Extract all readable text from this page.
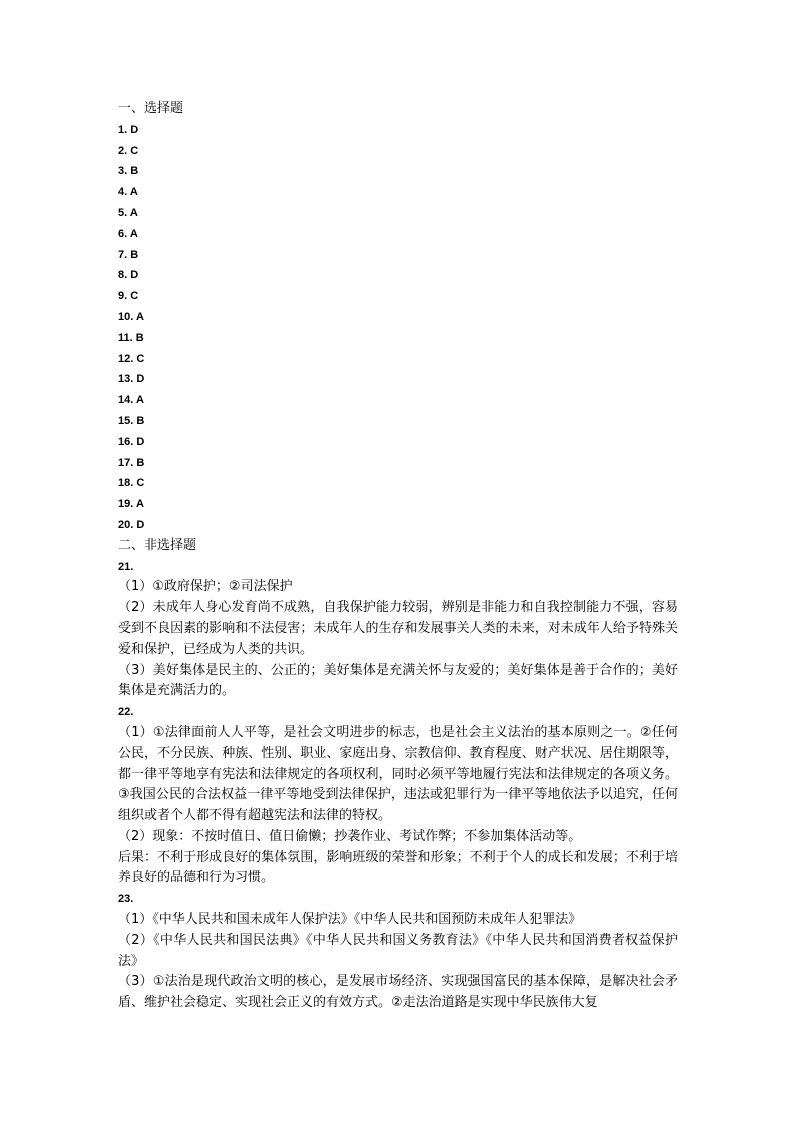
一、选择题
1. D
2. C
3. B
4. A
5. A
6. A
7. B
8. D
9. C
10. A
11. B
12. C
13. D
14. A
15. B
16. D
17. B
18. C
19. A
20. D
二、非选择题
21.
（1）①政府保护；②司法保护
（2）未成年人身心发育尚不成熟，自我保护能力较弱，辨别是非能力和自我控制能力不强，容易受到不良因素的影响和不法侵害；未成年人的生存和发展事关人类的未来，对未成年人给予特殊关爱和保护，已经成为人类的共识。
（3）美好集体是民主的、公正的；美好集体是充满关怀与友爱的；美好集体是善于合作的；美好集体是充满活力的。
22.
（1）①法律面前人人平等，是社会文明进步的标志，也是社会主义法治的基本原则之一。②任何公民，不分民族、种族、性别、职业、家庭出身、宗教信仰、教育程度、财产状况、居住期限等，都一律平等地享有宪法和法律规定的各项权利，同时必须平等地履行宪法和法律规定的各项义务。③我国公民的合法权益一律平等地受到法律保护，违法或犯罪行为一律平等地依法予以追究，任何组织或者个人都不得有超越宪法和法律的特权。
（2）现象：不按时值日、值日偷懒；抄袭作业、考试作弊；不参加集体活动等。
后果：不利于形成良好的集体氛围，影响班级的荣誉和形象；不利于个人的成长和发展；不利于培养良好的品德和行为习惯。
23.
（1）《中华人民共和国未成年人保护法》《中华人民共和国预防未成年人犯罪法》
（2）《中华人民共和国民法典》《中华人民共和国义务教育法》《中华人民共和国消费者权益保护法》
（3）①法治是现代政治文明的核心，是发展市场经济、实现强国富民的基本保障，是解决社会矛盾、维护社会稳定、实现社会正义的有效方式。②走法治道路是实现中华民族伟大复
